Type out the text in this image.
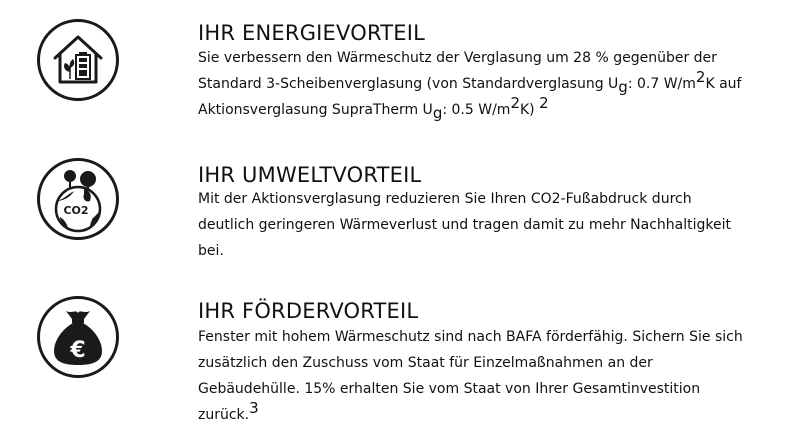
IHR ENERGIEVORTEIL
Sie verbessern den Wärmeschutz der Verglasung um 28 % gegenüber der
Standard 3-Scheibenverglasung (von Standardverglasung $U_g$: 0.7 $W/m^2K$ auf
Aktionsverglasung SupraTherm $U_g$: 0.5 $W/m^2K$) $^2$
CO2
IHR UMWELTVORTEIL
Mit der Aktionsverglasung reduzieren Sie Ihren CO2-Fußabdruck durch
deutlich geringeren Wärmeverlust und tragen damit zu mehr Nachhaltigkeit
bei.
€
IHR FÖRDERVORTEIL
Fenster mit hohem Wärmeschutz sind nach BAFA förderfähig. Sichern Sie sich
zusätzlich den Zuschuss vom Staat für Einzelmaßnahmen an der
Gebäudehülle. 15% erhalten Sie vom Staat von Ihrer Gesamtinvestition
zurück.$^3$
